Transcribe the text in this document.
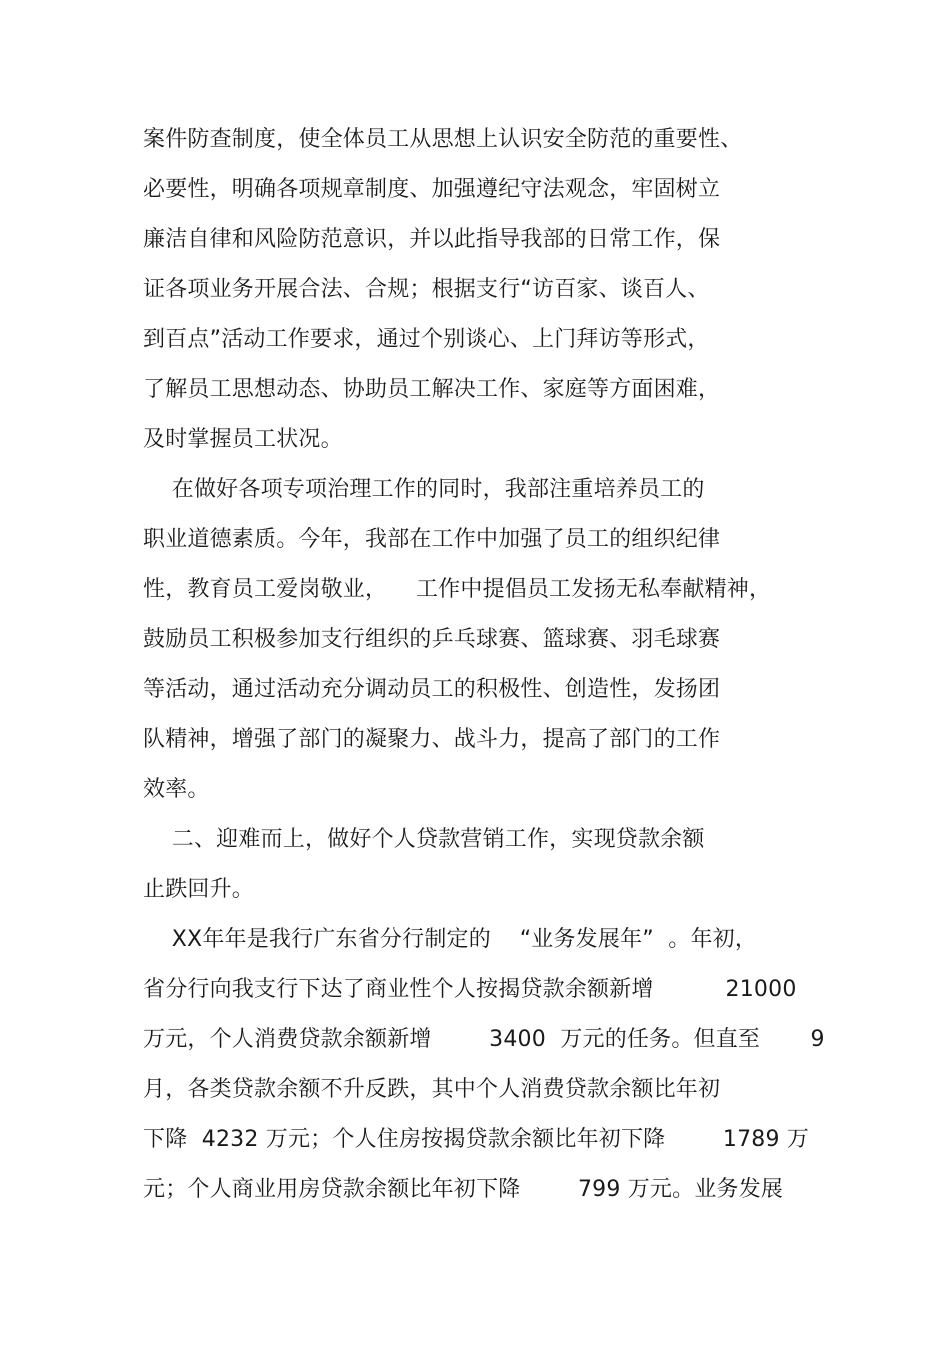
案件防查制度，使全体员工从思想上认识安全防范的重要性、
必要性，明确各项规章制度、加强遵纪守法观念，牢固树立
廉洁自律和风险防范意识，并以此指导我部的日常工作，保
证各项业务开展合法、合规；根据支行“访百家、谈百人、
到百点”活动工作要求，通过个别谈心、上门拜访等形式，
了解员工思想动态、协助员工解决工作、家庭等方面困难，
及时掌握员工状况。
在做好各项专项治理工作的同时，我部注重培养员工的
职业道德素质。今年，我部在工作中加强了员工的组织纪律
性，教育员工爱岗敬业，    工作中提倡员工发扬无私奉献精神，
鼓励员工积极参加支行组织的乒乓球赛、篮球赛、羽毛球赛
等活动，通过活动充分调动员工的积极性、创造性，发扬团
队精神，增强了部门的凝聚力、战斗力，提高了部门的工作
效率。
二、迎难而上，做好个人贷款营销工作，实现贷款余额
止跌回升。
XX年年是我行广东省分行制定的    “业务发展年”  。年初，
省分行向我支行下达了商业性个人按揭贷款余额新增          21000
万元，个人消费贷款余额新增        3400  万元的任务。但直至       9
月，各类贷款余额不升反跌，其中个人消费贷款余额比年初
下降  4232 万元；个人住房按揭贷款余额比年初下降        1789 万
元；个人商业用房贷款余额比年初下降        799 万元。业务发展
